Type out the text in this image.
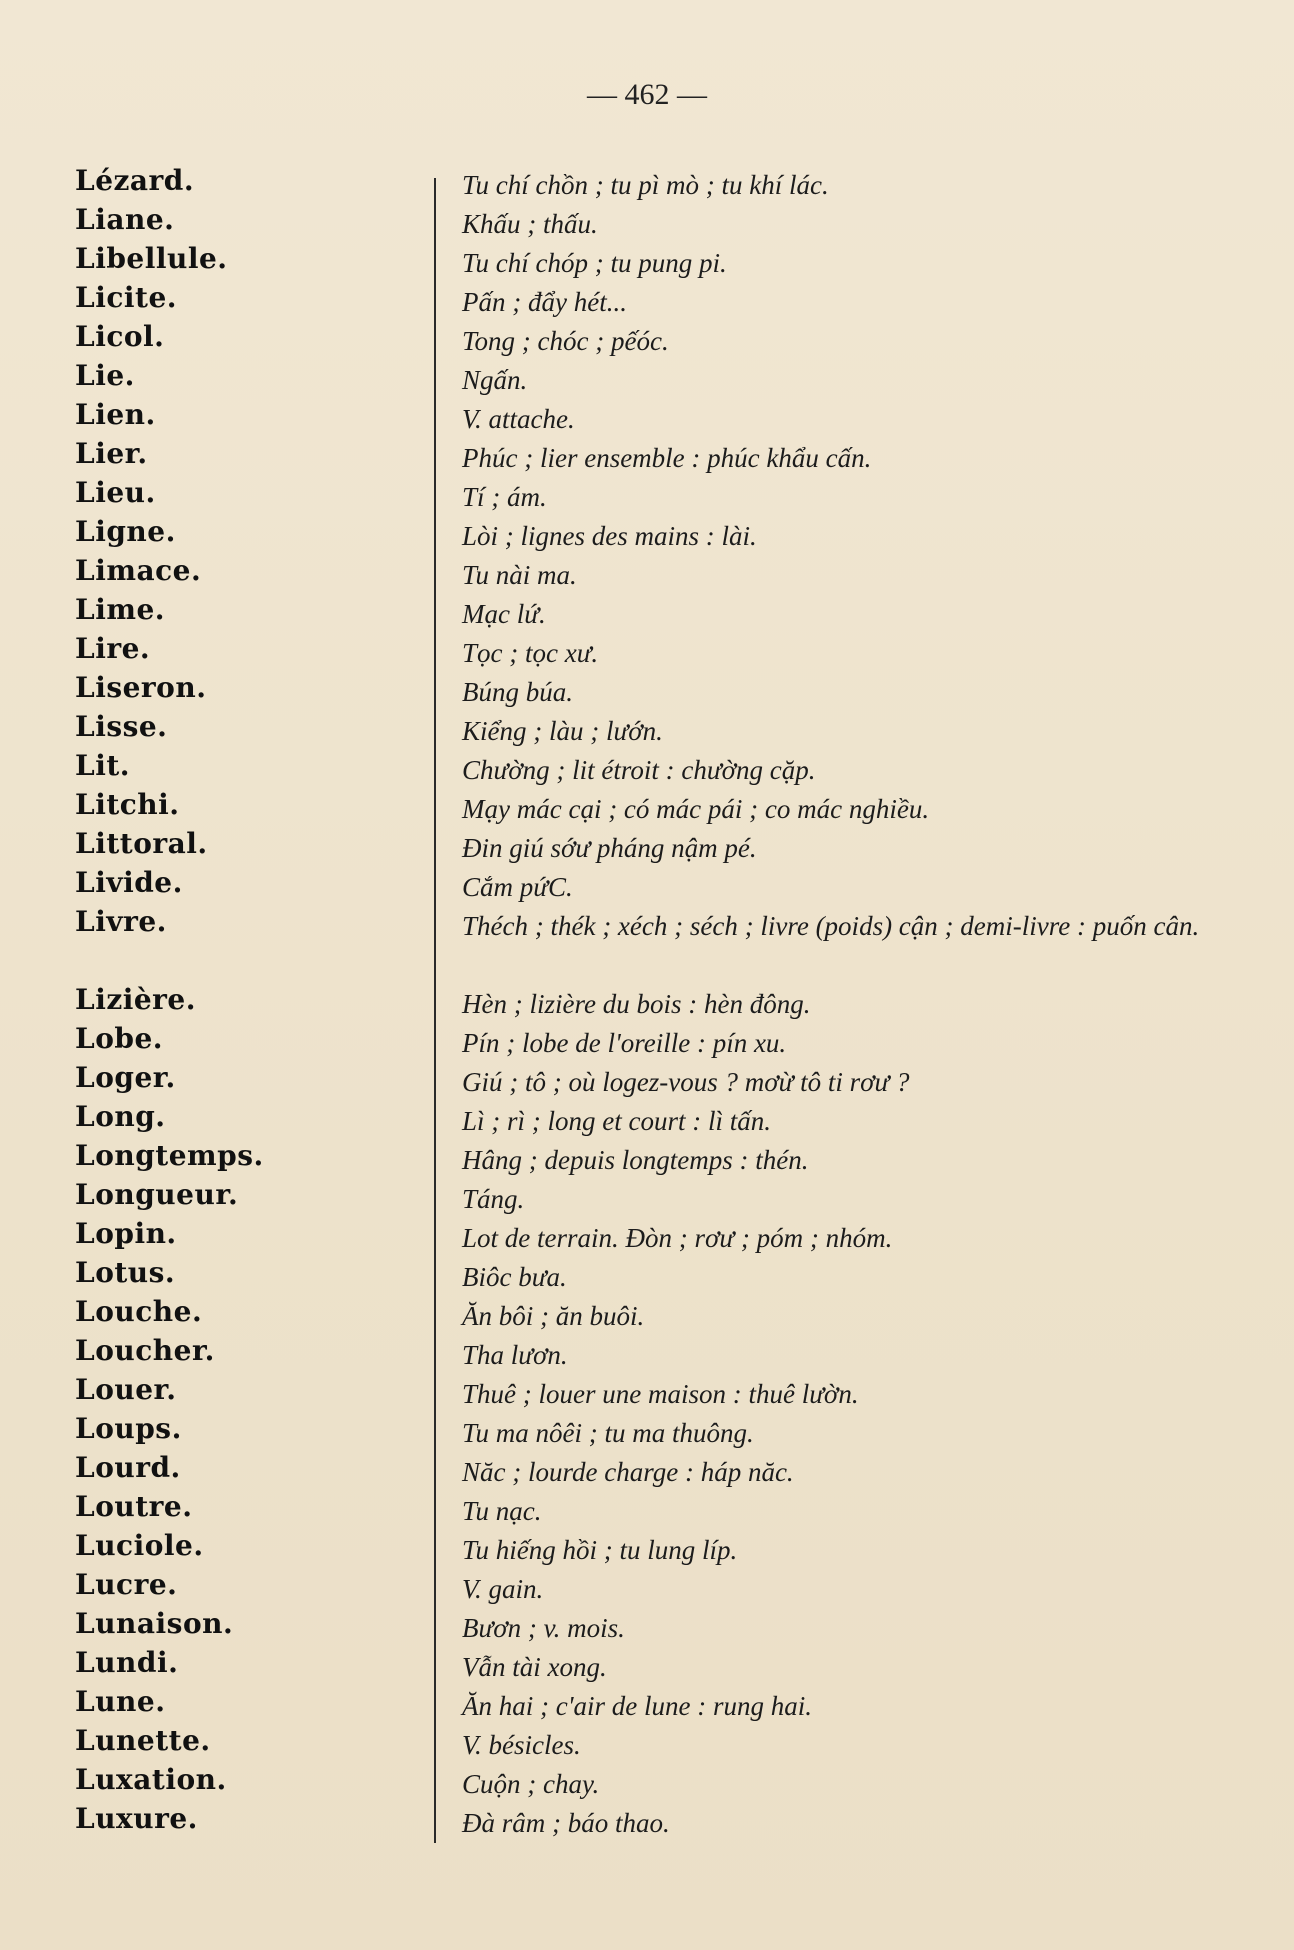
— 462 —
Lézard.	Tu chí chồn ; tu pì mò ; tu khí lác.
Liane.	Khấu ; thấu.
Libellule.	Tu chí chóp ; tu pung pi.
Licite.	Pấn ; đẩy hét...
Licol.	Tong ; chóc ; pếóc.
Lie.	Ngấn.
Lien.	V. attache.
Lier.	Phúc ; lier ensemble : phúc khẩu cấn.
Lieu.	Tí ; ám.
Ligne.	Lòi ; lignes des mains : lài.
Limace.	Tu nài ma.
Lime.	Mạc lứ.
Lire.	Tọc ; tọc xư.
Liseron.	Búng búa.
Lisse.	Kiểng ; làu ; lướn.
Lit.	Chường ; lit étroit : chường cặp.
Litchi.	Mạy mác cại ; có mác pái ; co mác nghiều.
Littoral.	Đin giú sớư pháng nậm pé.
Livide.	Cắm pứC.
Livre.	Théch ; thék ; xéch ; séch ; livre (poids) cận ; demi-livre : puốn cân.
Lizière.	Hèn ; lizière du bois : hèn đông.
Lobe.	Pín ; lobe de l'oreille : pín xu.
Loger.	Giú ; tô ; où logez-vous ? mơừ tô ti rơư ?
Long.	Lì ; rì ; long et court : lì tấn.
Longtemps.	Hâng ; depuis longtemps : thén.
Longueur.	Táng.
Lopin.	Lot de terrain. Đòn ; rơư ; póm ; nhóm.
Lotus.	Biôc bưa.
Louche.	Ăn bôi ; ăn buôi.
Loucher.	Tha lươn.
Louer.	Thuê ; louer une maison : thuê lườn.
Loups.	Tu ma nôêi ; tu ma thuông.
Lourd.	Năc ; lourde charge : háp năc.
Loutre.	Tu nạc.
Luciole.	Tu hiếng hồi ; tu lung líp.
Lucre.	V. gain.
Lunaison.	Bươn ; v. mois.
Lundi.	Vẫn tài xong.
Lune.	Ăn hai ; c'air de lune : rung hai.
Lunette.	V. bésicles.
Luxation.	Cuộn ; chay.
Luxure.	Đà râm ; báo thao.
